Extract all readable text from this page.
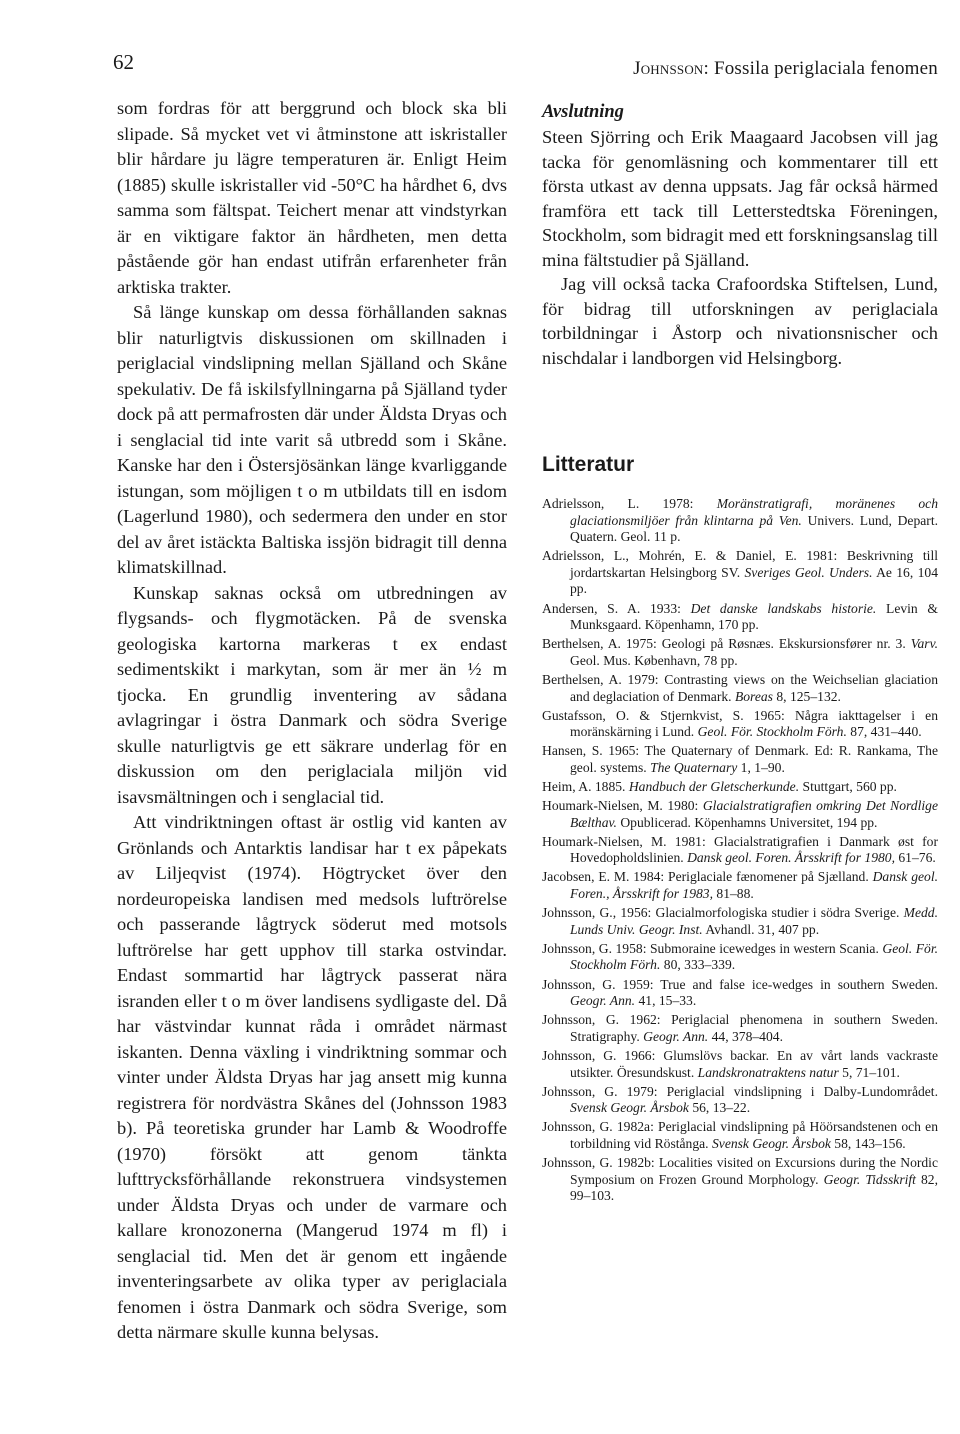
62	Johnsson: Fossila periglaciala fenomen

som fordras för att berggrund och block ska bli slipade. Så mycket vet vi åtminstone att iskristaller blir hårdare ju lägre temperaturen är. Enligt Heim (1885) skulle iskristaller vid -50°C ha hårdhet 6, dvs samma som fältspat. Teichert menar att vindstyrkan är en viktigare faktor än hårdheten, men detta påstående gör han endast utifrån erfarenheter från arktiska trakter.

Så länge kunskap om dessa förhållanden saknas blir naturligtvis diskussionen om skillnaden i periglacial vindslipning mellan Själland och Skåne spekulativ. De få iskilsfyllningarna på Själland tyder dock på att permafrosten där under Äldsta Dryas och i senglacial tid inte varit så utbredd som i Skåne. Kanske har den i Östersjösänkan länge kvarliggande istungan, som möjligen t o m utbildats till en isdom (Lagerlund 1980), och sedermera den under en stor del av året istäckta Baltiska issjön bidragit till denna klimatskillnad.

Kunskap saknas också om utbredningen av flygsands- och flygmotäcken. På de svenska geologiska kartorna markeras t ex endast sedimentskikt i markytan, som är mer än ½ m tjocka. En grundlig inventering av sådana avlagringar i östra Danmark och södra Sverige skulle naturligtvis ge ett säkrare underlag för en diskussion om den periglaciala miljön vid isavsmältningen och i senglacial tid.

Att vindriktningen oftast är ostlig vid kanten av Grönlands och Antarktis landisar har t ex påpekats av Liljeqvist (1974). Högtrycket över den nordeuropeiska landisen med medsols luftrörelse och passerande lågtryck söderut med motsols luftrörelse har gett upphov till starka ostvindar. Endast sommartid har lågtryck passerat nära isranden eller t o m över landisens sydligaste del. Då har västvindar kunnat råda i området närmast iskanten. Denna växling i vindriktning sommar och vinter under Äldsta Dryas har jag ansett mig kunna registrera för nordvästra Skånes del (Johnsson 1983 b). På teoretiska grunder har Lamb & Woodroffe (1970) försökt att genom tänkta lufttrycksförhållande rekonstruera vindsystemen under Äldsta Dryas och under de varmare och kallare kronozonerna (Mangerud 1974 m fl) i senglacial tid. Men det är genom ett ingående inventeringsarbete av olika typer av periglaciala fenomen i östra Danmark och södra Sverige, som detta närmare skulle kunna belysas.

Avslutning

Steen Sjörring och Erik Maagaard Jacobsen vill jag tacka för genomläsning och kommentarer till ett första utkast av denna uppsats. Jag får också härmed framföra ett tack till Letterstedtska Föreningen, Stockholm, som bidragit med ett forskningsanslag till mina fältstudier på Själland.

Jag vill också tacka Crafoordska Stiftelsen, Lund, för bidrag till utforskningen av periglaciala torbildningar i Åstorp och nivationsnischer och nischdalar i landborgen vid Helsingborg.

Litteratur
Adrielsson, L. 1978: Moränstratigrafi, moränenes och glaciationsmiljöer från klintarna på Ven. Univers. Lund, Depart. Quatern. Geol. 11 p.
Adrielsson, L., Mohrén, E. & Daniel, E. 1981: Beskrivning till jordartskartan Helsingborg SV. Sveriges Geol. Unders. Ae 16, 104 pp.
Andersen, S. A. 1933: Det danske landskabs historie. Levin & Munksgaard. Köpenhamn, 170 pp.
Berthelsen, A. 1975: Geologi på Røsnæs. Ekskursionsfører nr. 3. Varv. Geol. Mus. København, 78 pp.
Berthelsen, A. 1979: Contrasting views on the Weichselian glaciation and deglaciation of Denmark. Boreas 8, 125–132.
Gustafsson, O. & Stjernkvist, S. 1965: Några iakttagelser i en moränskärning i Lund. Geol. För. Stockholm Förh. 87, 431–440.
Hansen, S. 1965: The Quaternary of Denmark. Ed: R. Rankama, The geol. systems. The Quaternary 1, 1–90.
Heim, A. 1885. Handbuch der Gletscherkunde. Stuttgart, 560 pp.
Houmark-Nielsen, M. 1980: Glacialstratigrafien omkring Det Nordlige Bælthav. Opublicerad. Köpenhamns Universitet, 194 pp.
Houmark-Nielsen, M. 1981: Glacialstratigrafien i Danmark øst for Hovedopholdslinien. Dansk geol. Foren. Årsskrift for 1980, 61–76.
Jacobsen, E. M. 1984: Periglaciale fænomener på Sjælland. Dansk geol. Foren., Årsskrift for 1983, 81–88.
Johnsson, G., 1956: Glacialmorfologiska studier i södra Sverige. Medd. Lunds Univ. Geogr. Inst. Avhandl. 31, 407 pp.
Johnsson, G. 1958: Submoraine icewedges in western Scania. Geol. För. Stockholm Förh. 80, 333–339.
Johnsson, G. 1959: True and false ice-wedges in southern Sweden. Geogr. Ann. 41, 15–33.
Johnsson, G. 1962: Periglacial phenomena in southern Sweden. Stratigraphy. Geogr. Ann. 44, 378–404.
Johnsson, G. 1966: Glumslövs backar. En av vårt lands vackraste utsikter. Öresundskust. Landskronatraktens natur 5, 71–101.
Johnsson, G. 1979: Periglacial vindslipning i Dalby-Lundområdet. Svensk Geogr. Årsbok 56, 13–22.
Johnsson, G. 1982a: Periglacial vindslipning på Höörsandstenen och en torbildning vid Röstånga. Svensk Geogr. Årsbok 58, 143–156.
Johnsson, G. 1982b: Localities visited on Excursions during the Nordic Symposium on Frozen Ground Morphology. Geogr. Tidsskrift 82, 99–103.
